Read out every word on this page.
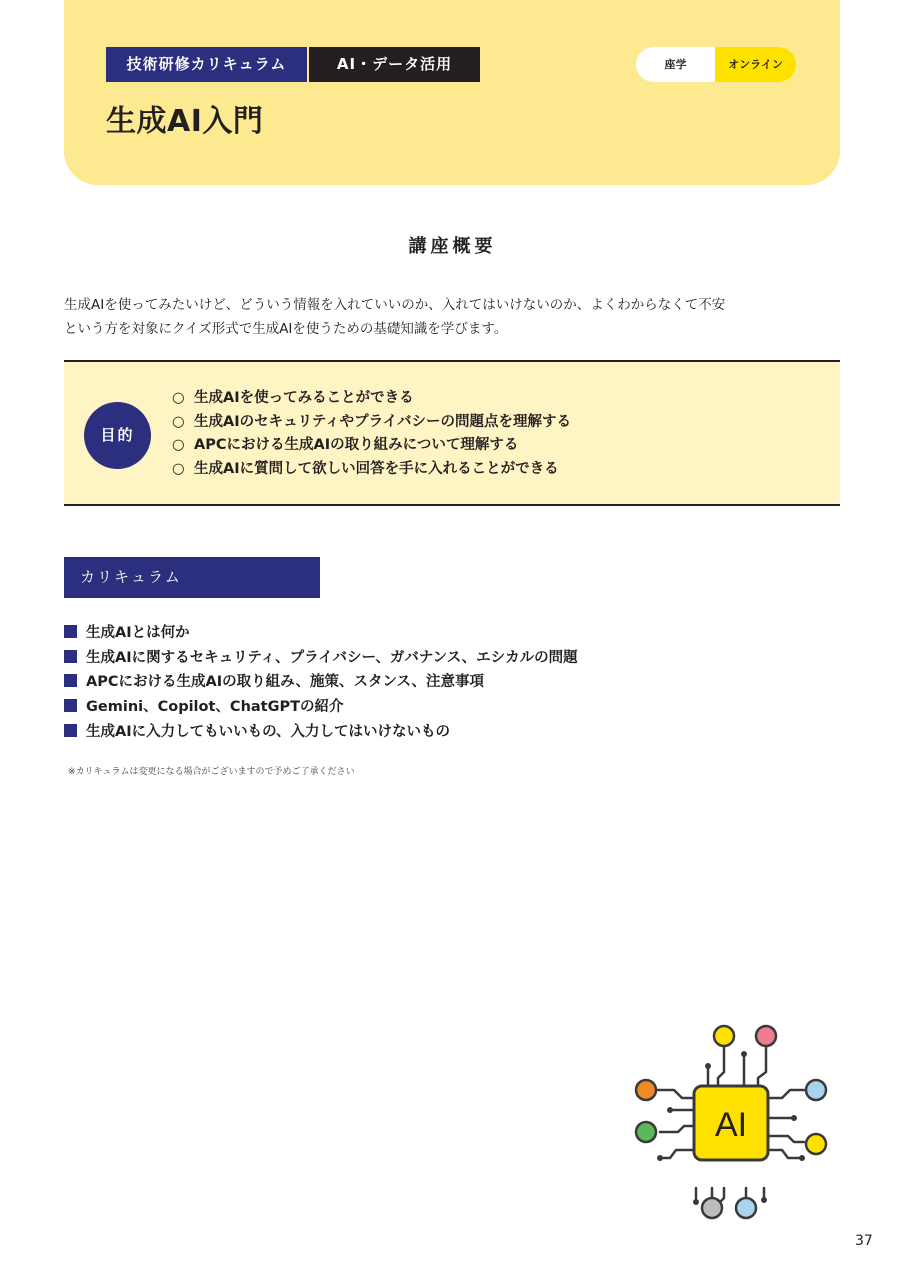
技術研修カリキュラム	AI・データ活用
生成AI入門
座学	オンライン
講座概要
生成AIを使ってみたいけど、どういう情報を入れていいのか、入れてはいけないのか、よくわからなくて不安
という方を対象にクイズ形式で生成AIを使うための基礎知識を学びます。
目的
○ 生成AIを使ってみることができる
○ 生成AIのセキュリティやプライバシーの問題点を理解する
○ APCにおける生成AIの取り組みについて理解する
○ 生成AIに質問して欲しい回答を手に入れることができる
カリキュラム
生成AIとは何か
生成AIに関するセキュリティ、プライバシー、ガバナンス、エシカルの問題
APCにおける生成AIの取り組み、施策、スタンス、注意事項
Gemini、Copilot、ChatGPTの紹介
生成AIに入力してもいいもの、入力してはいけないもの
※カリキュラムは変更になる場合がございますので予めご了承ください
AI
37
